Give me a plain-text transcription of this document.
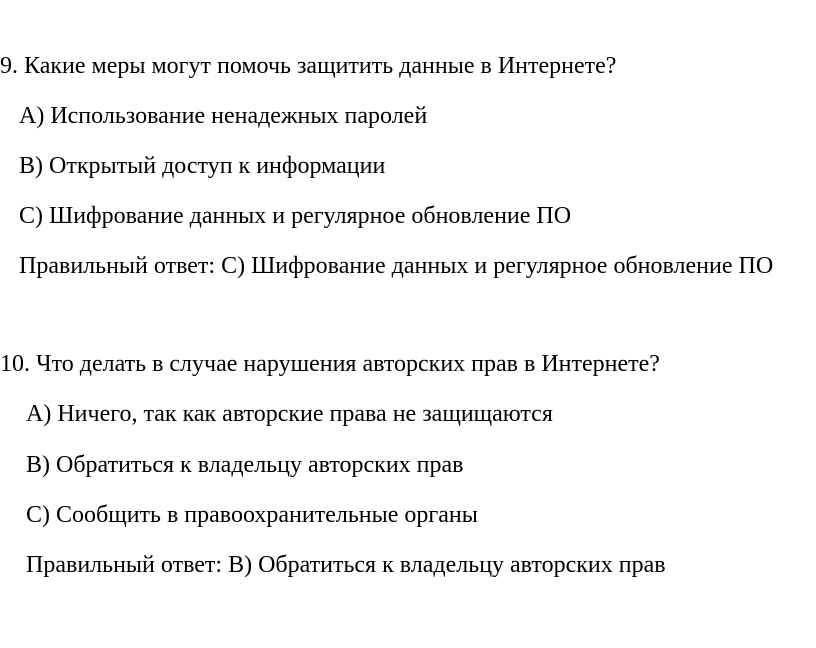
9. Какие меры могут помочь защитить данные в Интернете?
A) Использование ненадежных паролей
B) Открытый доступ к информации
C) Шифрование данных и регулярное обновление ПО
Правильный ответ: C) Шифрование данных и регулярное обновление ПО
10. Что делать в случае нарушения авторских прав в Интернете?
A) Ничего, так как авторские права не защищаются
B) Обратиться к владельцу авторских прав
C) Сообщить в правоохранительные органы
Правильный ответ: B) Обратиться к владельцу авторских прав
